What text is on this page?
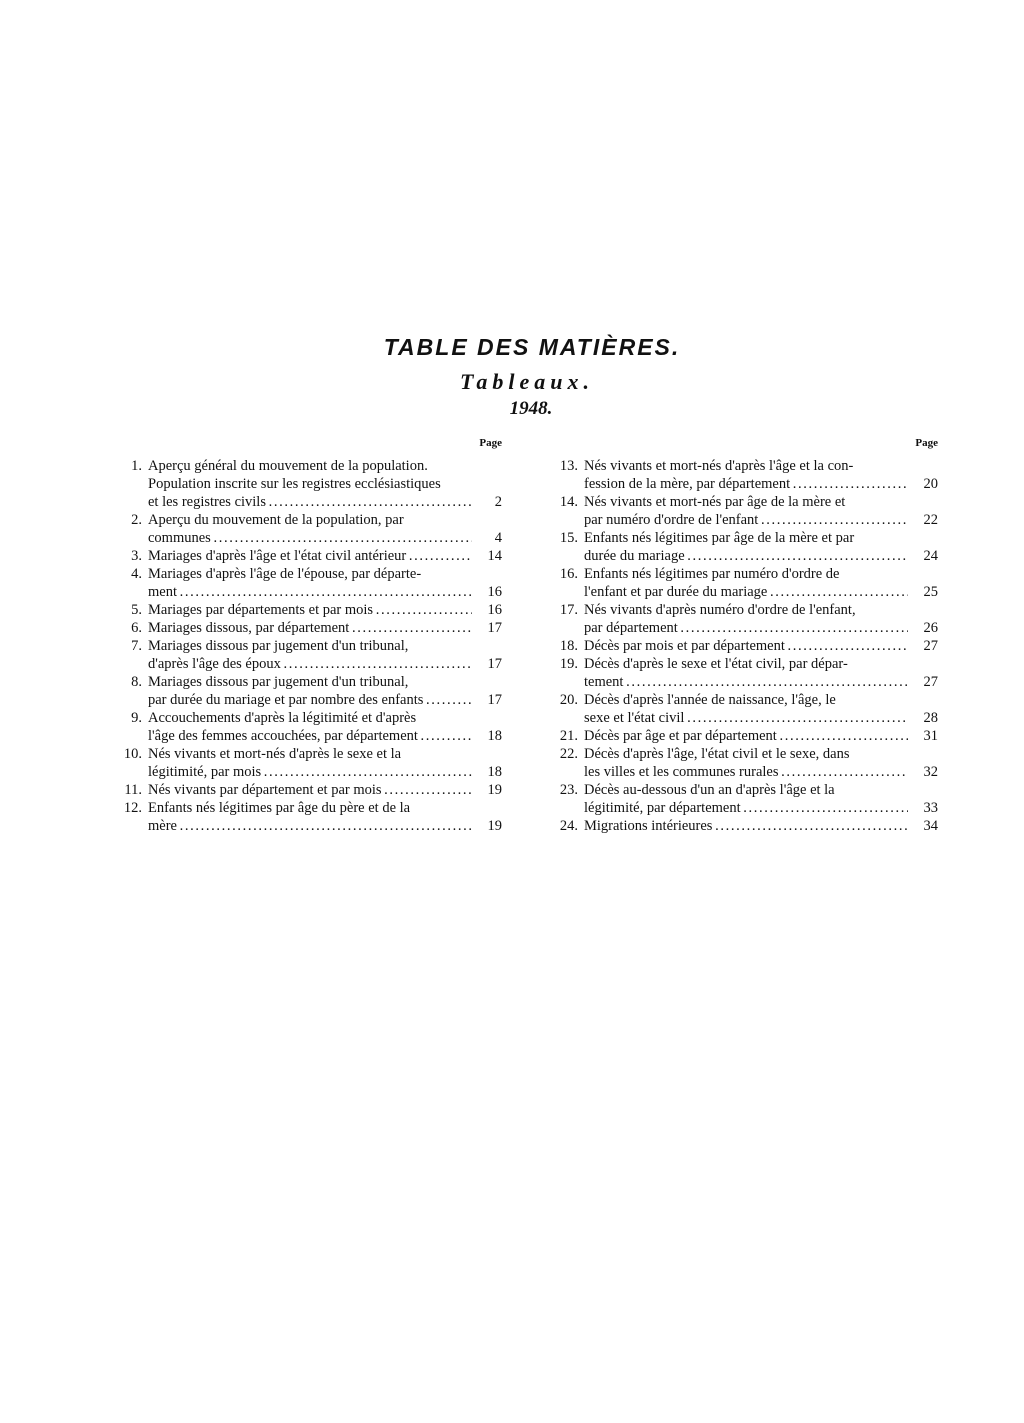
TABLE DES MATIÈRES.
Tableaux.
1948.
Page
1. Aperçu général du mouvement de la population.
Population inscrite sur les registres ecclésiastiques
et les registres civils . . .	2
2. Aperçu du mouvement de la population, par
communes . . .	4
3. Mariages d'après l'âge et l'état civil antérieur . . .	14
4. Mariages d'après l'âge de l'épouse, par départe-
ment . . .	16
5. Mariages par départements et par mois . . .	16
6. Mariages dissous, par département . . .	17
7. Mariages dissous par jugement d'un tribunal,
d'après l'âge des époux . . .	17
8. Mariages dissous par jugement d'un tribunal,
par durée du mariage et par nombre des enfants . . .	17
9. Accouchements d'après la légitimité et d'après
l'âge des femmes accouchées, par département . . .	18
10. Nés vivants et mort-nés d'après le sexe et la
légitimité, par mois . . .	18
11. Nés vivants par département et par mois . . .	19
12. Enfants nés légitimes par âge du père et de la
mère . . .	19
Page
13. Nés vivants et mort-nés d'après l'âge et la con-
fession de la mère, par département . . .	20
14. Nés vivants et mort-nés par âge de la mère et
par numéro d'ordre de l'enfant . . .	22
15. Enfants nés légitimes par âge de la mère et par
durée du mariage . . .	24
16. Enfants nés légitimes par numéro d'ordre de
l'enfant et par durée du mariage . . .	25
17. Nés vivants d'après numéro d'ordre de l'enfant,
par département . . .	26
18. Décès par mois et par département . . .	27
19. Décès d'après le sexe et l'état civil, par dépar-
tement . . .	27
20. Décès d'après l'année de naissance, l'âge, le
sexe et l'état civil . . .	28
21. Décès par âge et par département . . .	31
22. Décès d'après l'âge, l'état civil et le sexe, dans
les villes et les communes rurales . . .	32
23. Décès au-dessous d'un an d'après l'âge et la
légitimité, par département . . .	33
24. Migrations intérieures . . .	34
